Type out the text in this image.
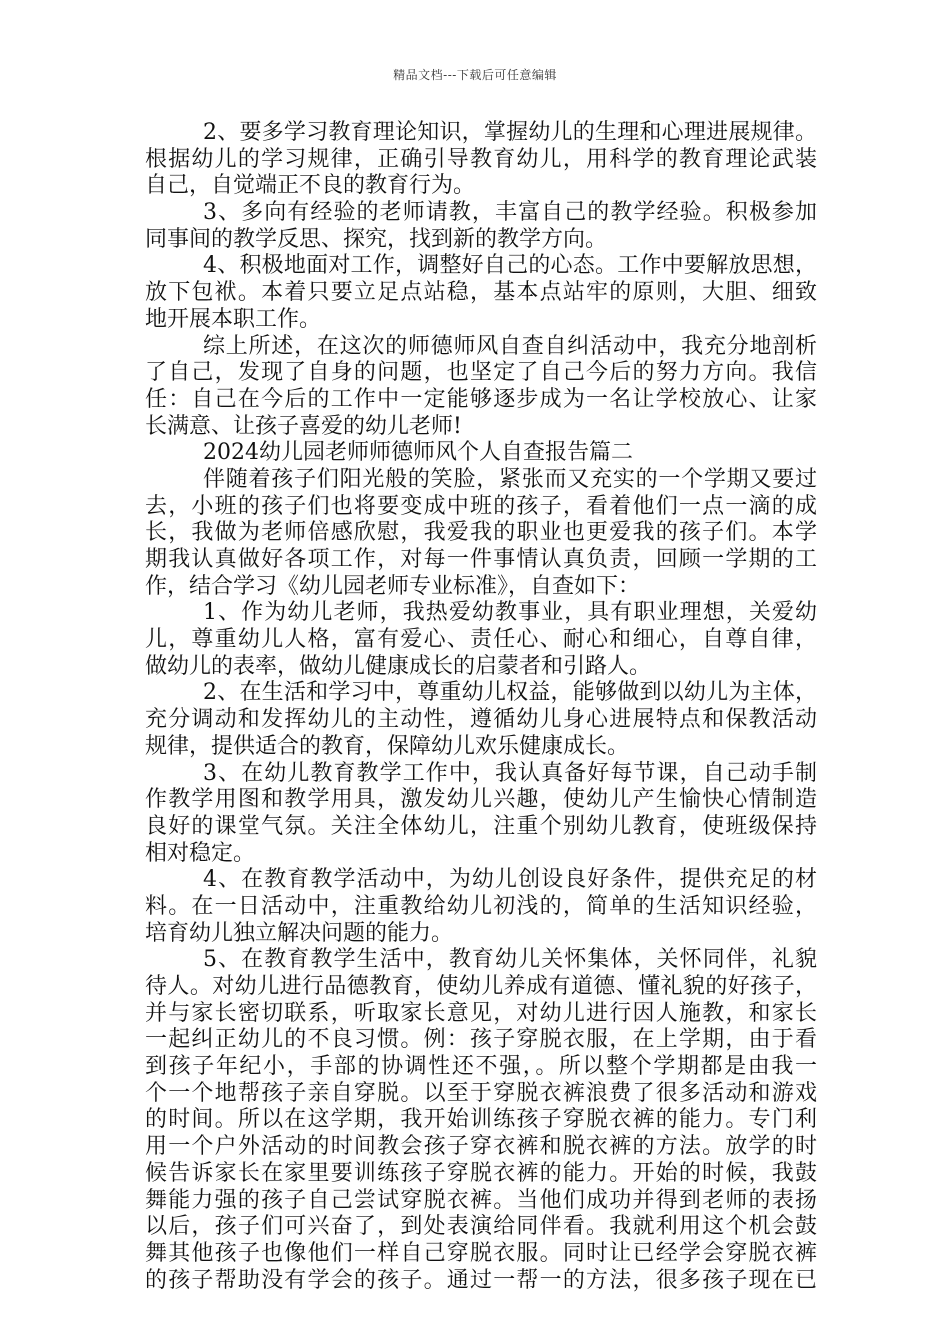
精品文档---下载后可任意编辑
2、要多学习教育理论知识，掌握幼儿的生理和心理进展规律。
根据幼儿的学习规律，正确引导教育幼儿，用科学的教育理论武装
自己，自觉端正不良的教育行为。
3、多向有经验的老师请教，丰富自己的教学经验。积极参加
同事间的教学反思、探究，找到新的教学方向。
4、积极地面对工作，调整好自己的心态。工作中要解放思想，
放下包袱。本着只要立足点站稳，基本点站牢的原则，大胆、细致
地开展本职工作。
综上所述，在这次的师德师风自查自纠活动中，我充分地剖析
了自己，发现了自身的问题，也坚定了自己今后的努力方向。我信
任：自己在今后的工作中一定能够逐步成为一名让学校放心、让家
长满意、让孩子喜爱的幼儿老师!
2024幼儿园老师师德师风个人自查报告篇二
伴随着孩子们阳光般的笑脸，紧张而又充实的一个学期又要过
去，小班的孩子们也将要变成中班的孩子，看着他们一点一滴的成
长，我做为老师倍感欣慰，我爱我的职业也更爱我的孩子们。本学
期我认真做好各项工作，对每一件事情认真负责，回顾一学期的工
作，结合学习《幼儿园老师专业标准》，自查如下：
1、作为幼儿老师，我热爱幼教事业，具有职业理想，关爱幼
儿，尊重幼儿人格，富有爱心、责任心、耐心和细心，自尊自律，
做幼儿的表率，做幼儿健康成长的启蒙者和引路人。
2、在生活和学习中，尊重幼儿权益，能够做到以幼儿为主体，
充分调动和发挥幼儿的主动性，遵循幼儿身心进展特点和保教活动
规律，提供适合的教育，保障幼儿欢乐健康成长。
3、在幼儿教育教学工作中，我认真备好每节课，自己动手制
作教学用图和教学用具，激发幼儿兴趣，使幼儿产生愉快心情制造
良好的课堂气氛。关注全体幼儿，注重个别幼儿教育，使班级保持
相对稳定。
4、在教育教学活动中，为幼儿创设良好条件，提供充足的材
料。在一日活动中，注重教给幼儿初浅的，简单的生活知识经验，
培育幼儿独立解决问题的能力。
5、在教育教学生活中，教育幼儿关怀集体，关怀同伴，礼貌
待人。对幼儿进行品德教育，使幼儿养成有道德、懂礼貌的好孩子，
并与家长密切联系，听取家长意见，对幼儿进行因人施教，和家长
一起纠正幼儿的不良习惯。例：孩子穿脱衣服，在上学期，由于看
到孩子年纪小，手部的协调性还不强，。所以整个学期都是由我一
个一个地帮孩子亲自穿脱。以至于穿脱衣裤浪费了很多活动和游戏
的时间。所以在这学期，我开始训练孩子穿脱衣裤的能力。专门利
用一个户外活动的时间教会孩子穿衣裤和脱衣裤的方法。放学的时
候告诉家长在家里要训练孩子穿脱衣裤的能力。开始的时候，我鼓
舞能力强的孩子自己尝试穿脱衣裤。当他们成功并得到老师的表扬
以后，孩子们可兴奋了，到处表演给同伴看。我就利用这个机会鼓
舞其他孩子也像他们一样自己穿脱衣服。同时让已经学会穿脱衣裤
的孩子帮助没有学会的孩子。通过一帮一的方法，很多孩子现在已
